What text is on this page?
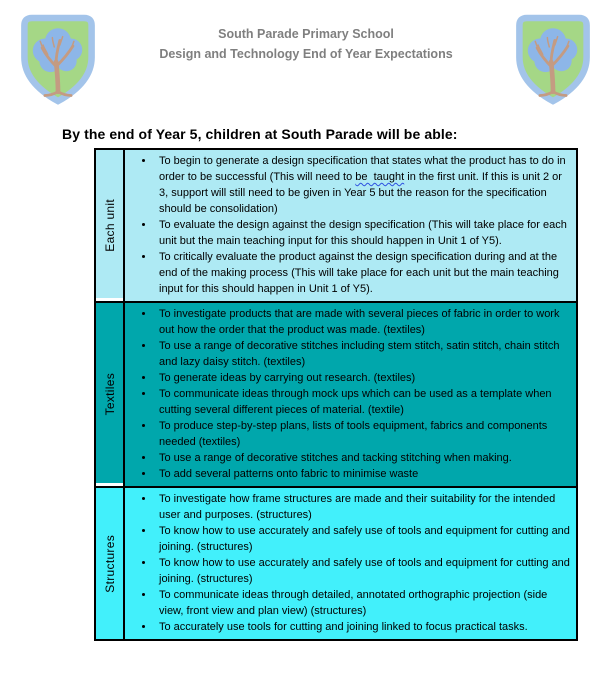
South Parade Primary School
Design and Technology End of Year Expectations
By the end of Year 5, children at South Parade will be able:
Each unit

• To begin to generate a design specification that states what the product has to do in order to be successful (This will need to be  taught in the first unit. If this is unit 2 or 3, support will still need to be given in Year 5 but the reason for the specification should be consolidation)
• To evaluate the design against the design specification (This will take place for each unit but the main teaching input for this should happen in Unit 1 of Y5).
• To critically evaluate the product against the design specification during and at the end of the making process (This will take place for each unit but the main teaching input for this should happen in Unit 1 of Y5).

Textiles

• To investigate products that are made with several pieces of fabric in order to work out how the order that the product was made. (textiles)
• To use a range of decorative stitches including stem stitch, satin stitch, chain stitch and lazy daisy stitch. (textiles)
• To generate ideas by carrying out research. (textiles)
• To communicate ideas through mock ups which can be used as a template when cutting several different pieces of material. (textile)
• To produce step-by-step plans, lists of tools equipment, fabrics and components needed (textiles)
• To use a range of decorative stitches and tacking stitching when making.
• To add several patterns onto fabric to minimise waste

Structures

• To investigate how frame structures are made and their suitability for the intended user and purposes. (structures)
• To know how to use accurately and safely use of tools and equipment for cutting and joining. (structures)
• To know how to use accurately and safely use of tools and equipment for cutting and joining. (structures)
• To communicate ideas through detailed, annotated orthographic projection (side view, front view and plan view) (structures)
• To accurately use tools for cutting and joining linked to focus practical tasks.
